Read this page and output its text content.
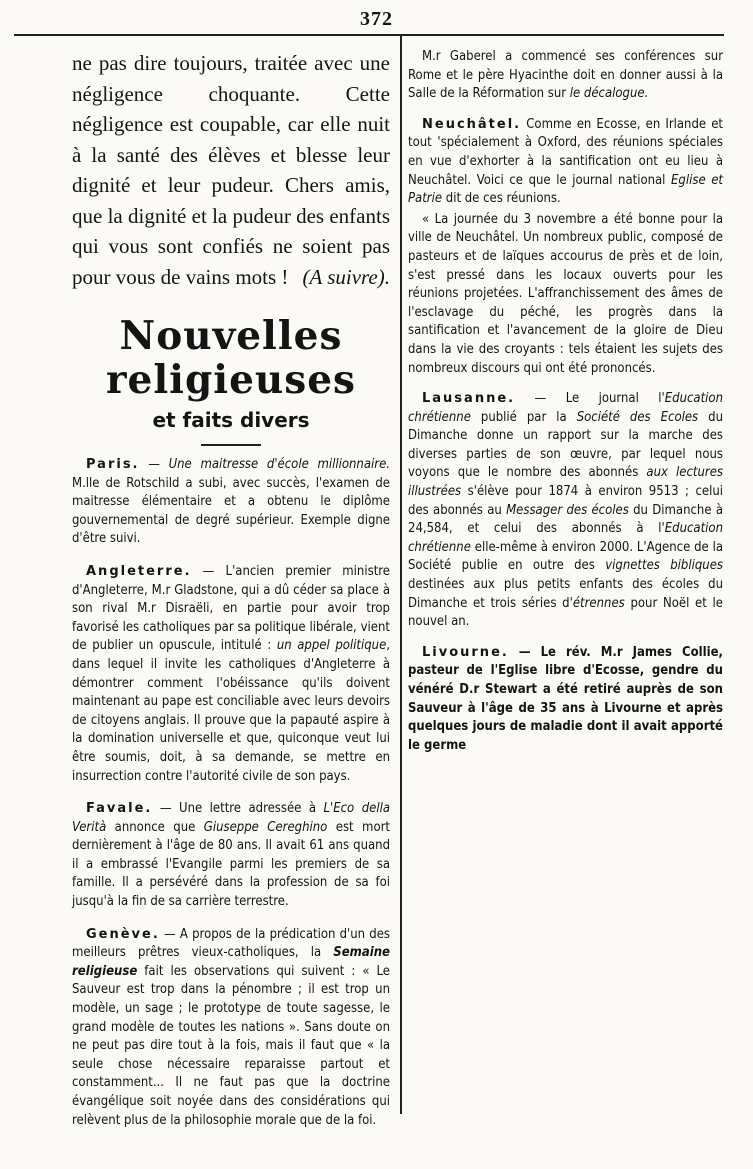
372

ne pas dire toujours, traitée avec une négligence choquante. Cette négligence est coupable, car elle nuit à la santé des élèves et blesse leur dignité et leur pudeur. Chers amis, que la dignité et la pudeur des enfants qui vous sont confiés ne soient pas pour vous de vains mots ! (A suivre).

Nouvelles religieuses
et faits divers

Paris. — Une maitresse d'école millionnaire. M.lle de Rotschild a subi, avec succès, l'examen de maitresse élémentaire et a obtenu le diplôme gouvernemental de degré supérieur. Exemple digne d'être suivi.

Angleterre. — L'ancien premier ministre d'Angleterre, M.r Gladstone, qui a dû céder sa place à son rival M.r Disraëli, en partie pour avoir trop favorisé les catholiques par sa politique libérale, vient de publier un opuscule, intitulé : un appel politique, dans lequel il invite les catholiques d'Angleterre à démontrer comment l'obéissance qu'ils doivent maintenant au pape est conciliable avec leurs devoirs de citoyens anglais. Il prouve que la papauté aspire à la domination universelle et que, quiconque veut lui être soumis, doit, à sa demande, se mettre en insurrection contre l'autorité civile de son pays.

Favale. — Une lettre adressée à L'Eco della Verità annonce que Giuseppe Cereghino est mort dernièrement à l'âge de 80 ans. Il avait 61 ans quand il a embrassé l'Evangile parmi les premiers de sa famille. Il a persévéré dans la profession de sa foi jusqu'à la fin de sa carrière terrestre.

Genève. — A propos de la prédication d'un des meilleurs prêtres vieux-catholiques, la Semaine religieuse fait les observations qui suivent : « Le Sauveur est trop dans la pénombre ; il est trop un modèle, un sage ; le prototype de toute sagesse, le grand modèle de toutes les nations ». Sans doute on ne peut pas dire tout à la fois, mais il faut que « la seule chose nécessaire reparaisse partout et constamment... Il ne faut pas que la doctrine évangélique soit noyée dans des considérations qui relèvent plus de la philosophie morale que de la foi.

M.r Gaberel a commencé ses conférences sur Rome et le père Hyacinthe doit en donner aussi à la Salle de la Réformation sur le décalogue.

Neuchâtel. Comme en Ecosse, en Irlande et tout 'spécialement à Oxford, des réunions spéciales en vue d'exhorter à la santification ont eu lieu à Neuchâtel. Voici ce que le journal national Eglise et Patrie dit de ces réunions.

« La journée du 3 novembre a été bonne pour la ville de Neuchâtel. Un nombreux public, composé de pasteurs et de laïques accourus de près et de loin, s'est pressé dans les locaux ouverts pour les réunions projetées. L'affranchissement des âmes de l'esclavage du péché, les progrès dans la santification et l'avancement de la gloire de Dieu dans la vie des croyants : tels étaient les sujets des nombreux discours qui ont été prononcés.

Lausanne. — Le journal l'Education chrétienne publié par la Société des Ecoles du Dimanche donne un rapport sur la marche des diverses parties de son œuvre, par lequel nous voyons que le nombre des abonnés aux lectures illustrées s'élève pour 1874 à environ 9513 ; celui des abonnés au Messager des écoles du Dimanche à 24,584, et celui des abonnés à l'Education chrétienne elle-même à environ 2000. L'Agence de la Société publie en outre des vignettes bibliques destinées aux plus petits enfants des écoles du Dimanche et trois séries d'étrennes pour Noël et le nouvel an.

Livourne. — Le rév. M.r James Collie, pasteur de l'Eglise libre d'Ecosse, gendre du vénéré D.r Stewart a été retiré auprès de son Sauveur à l'âge de 35 ans à Livourne et après quelques jours de maladie dont il avait apporté le germe
